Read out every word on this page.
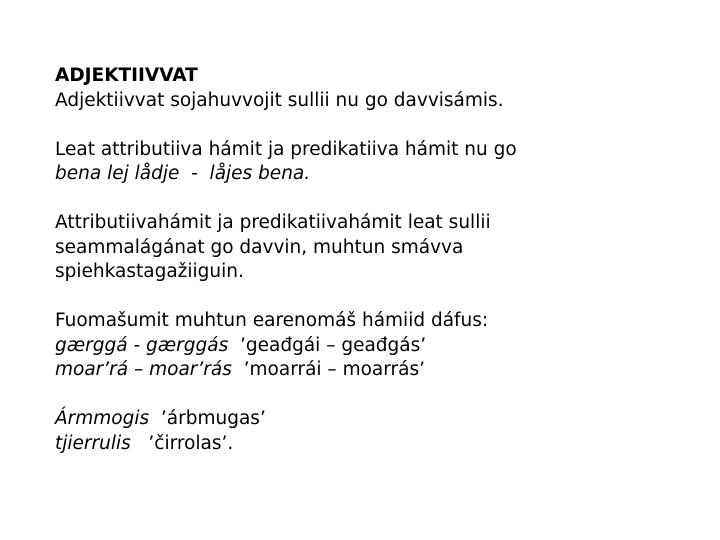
ADJEKTIIVVAT
Adjektiivvat sojahuvvojit sullii nu go davvisámis.
Leat attributiiva hámit ja predikatiiva hámit nu go
bena lej lådje  -  låjes bena.
Attributiivahámit ja predikatiivahámit leat sullii
seammalágánat go davvin, muhtun smávva
spiehkastagažiiguin.
Fuomašumit muhtun earenomáš hámiid dáfus:
gærggá - gærggás  ’geađgái – geađgás’
moar’rá – moar’rás  ’moarrái – moarrás’
Ármmogis  ’árbmugas’
tjierrulis   ’čirrolas’.
